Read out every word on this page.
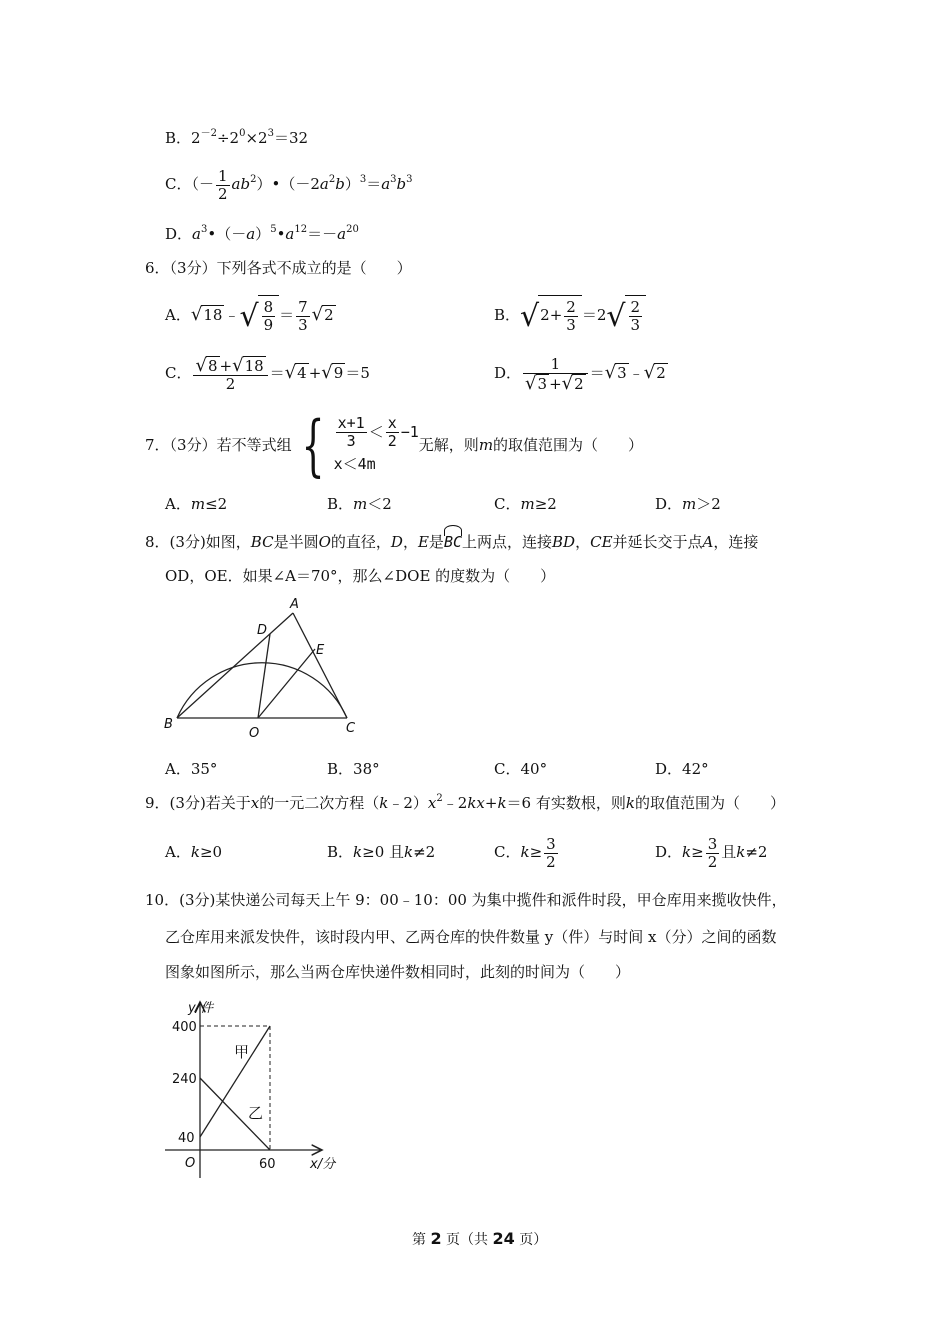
B．$2^{-2}\div 2^0\times 2^3=32$
C．（－ $\frac{1}{2}$ $ab^2)•(-2a^2b)^3=a^3b^3$
D．$a^3•(-a)^5•a^{12}=-a^{20}$
6．（3分）下列各式不成立的是（　　）
A．√18 ﹣√ $\frac{8}{9} = \frac{7}{3} √2$	B．$√2+ \frac{2}{3} =2√ \frac{2}{3}$
C． $\frac{√8 +√18}{2} =√4 +√9 =5$	D． $\frac{1}{√3 +√2} =√3$ ﹣√2
7．（3分）若不等式组 { $\frac{x+1}{3} < \frac{x}{2} -1$
x＜4m
无解，则m的取值范围为（　　）
A．m≤2	B．m＜2	C．m≥2	D．m＞2
8．(3分)如图，BC是半圆O的直径，D，E是BC上两点，连接BD，CE并延长交于点A，连接
OD，OE．如果∠A＝70°，那么∠DOE 的度数为（　　）
A
B	C
D
E
O
A．35°	B．38°	C．40°	D．42°
9．(3分)若关于x的一元二次方程$(k﹣2)x^2﹣2kx+k=6$ 有实数根，则k的取值范围为（　　）
A．k≥0	B．k≥0 且k≠2	C．$k\ge \frac{3}{2}$	D．$k\ge \frac{3}{2}$ 且k≠2
10．(3分)某快递公司每天上午 9：00﹣10：00 为集中揽件和派件时段，甲仓库用来揽收快件，
乙仓库用来派发快件，该时段内甲、乙两仓库的快件数量 y（件）与时间 x（分）之间的函数
图象如图所示，那么当两仓库快递件数相同时，此刻的时间为（　　）
y/件
x/分
O
400
240
40
60
甲
乙
第 2 页（共 24 页）
